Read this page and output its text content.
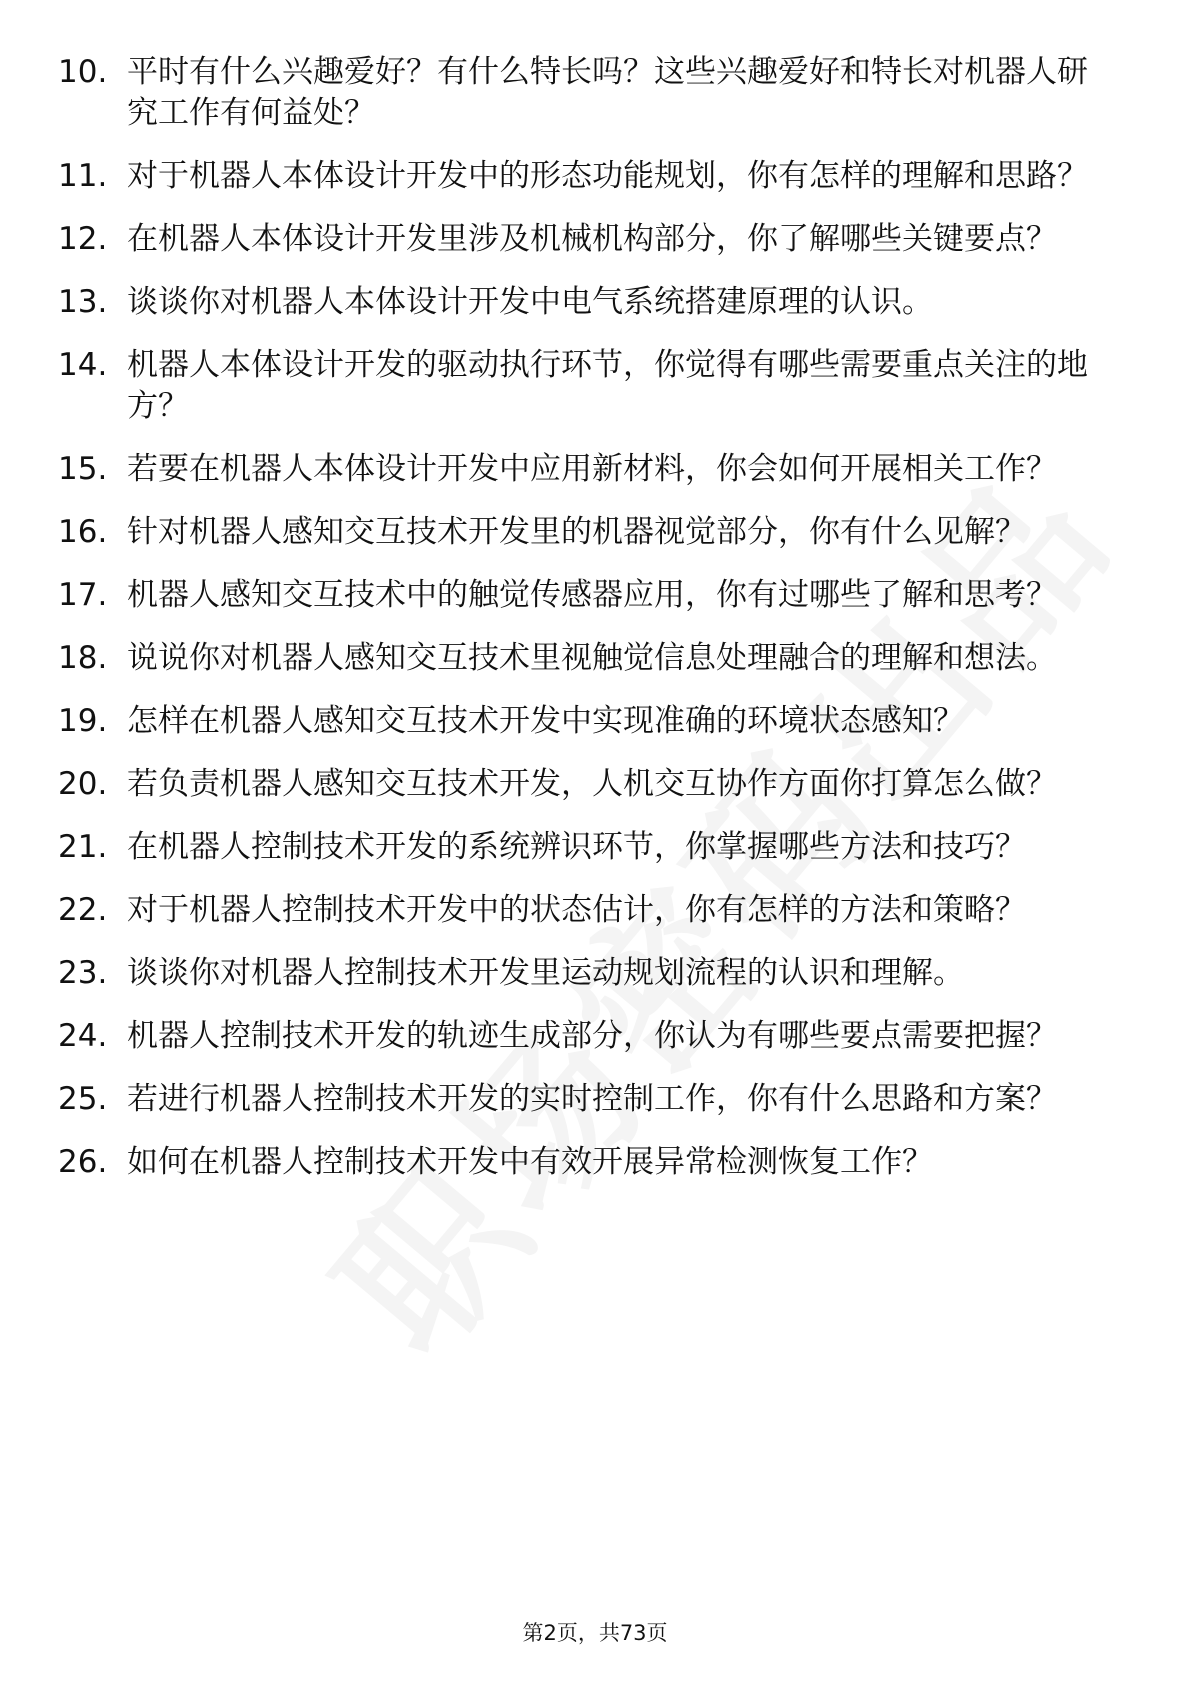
10. 平时有什么兴趣爱好？有什么特长吗？这些兴趣爱好和特长对机器人研究工作有何益处？
11. 对于机器人本体设计开发中的形态功能规划，你有怎样的理解和思路？
12. 在机器人本体设计开发里涉及机械机构部分，你了解哪些关键要点？
13. 谈谈你对机器人本体设计开发中电气系统搭建原理的认识。
14. 机器人本体设计开发的驱动执行环节，你觉得有哪些需要重点关注的地方？
15. 若要在机器人本体设计开发中应用新材料，你会如何开展相关工作？
16. 针对机器人感知交互技术开发里的机器视觉部分，你有什么见解？
17. 机器人感知交互技术中的触觉传感器应用，你有过哪些了解和思考？
18. 说说你对机器人感知交互技术里视触觉信息处理融合的理解和想法。
19. 怎样在机器人感知交互技术开发中实现准确的环境状态感知？
20. 若负责机器人感知交互技术开发，人机交互协作方面你打算怎么做？
21. 在机器人控制技术开发的系统辨识环节，你掌握哪些方法和技巧？
22. 对于机器人控制技术开发中的状态估计，你有怎样的方法和策略？
23. 谈谈你对机器人控制技术开发里运动规划流程的认识和理解。
24. 机器人控制技术开发的轨迹生成部分，你认为有哪些要点需要把握？
25. 若进行机器人控制技术开发的实时控制工作，你有什么思路和方案？
26. 如何在机器人控制技术开发中有效开展异常检测恢复工作？
第2页，共73页
